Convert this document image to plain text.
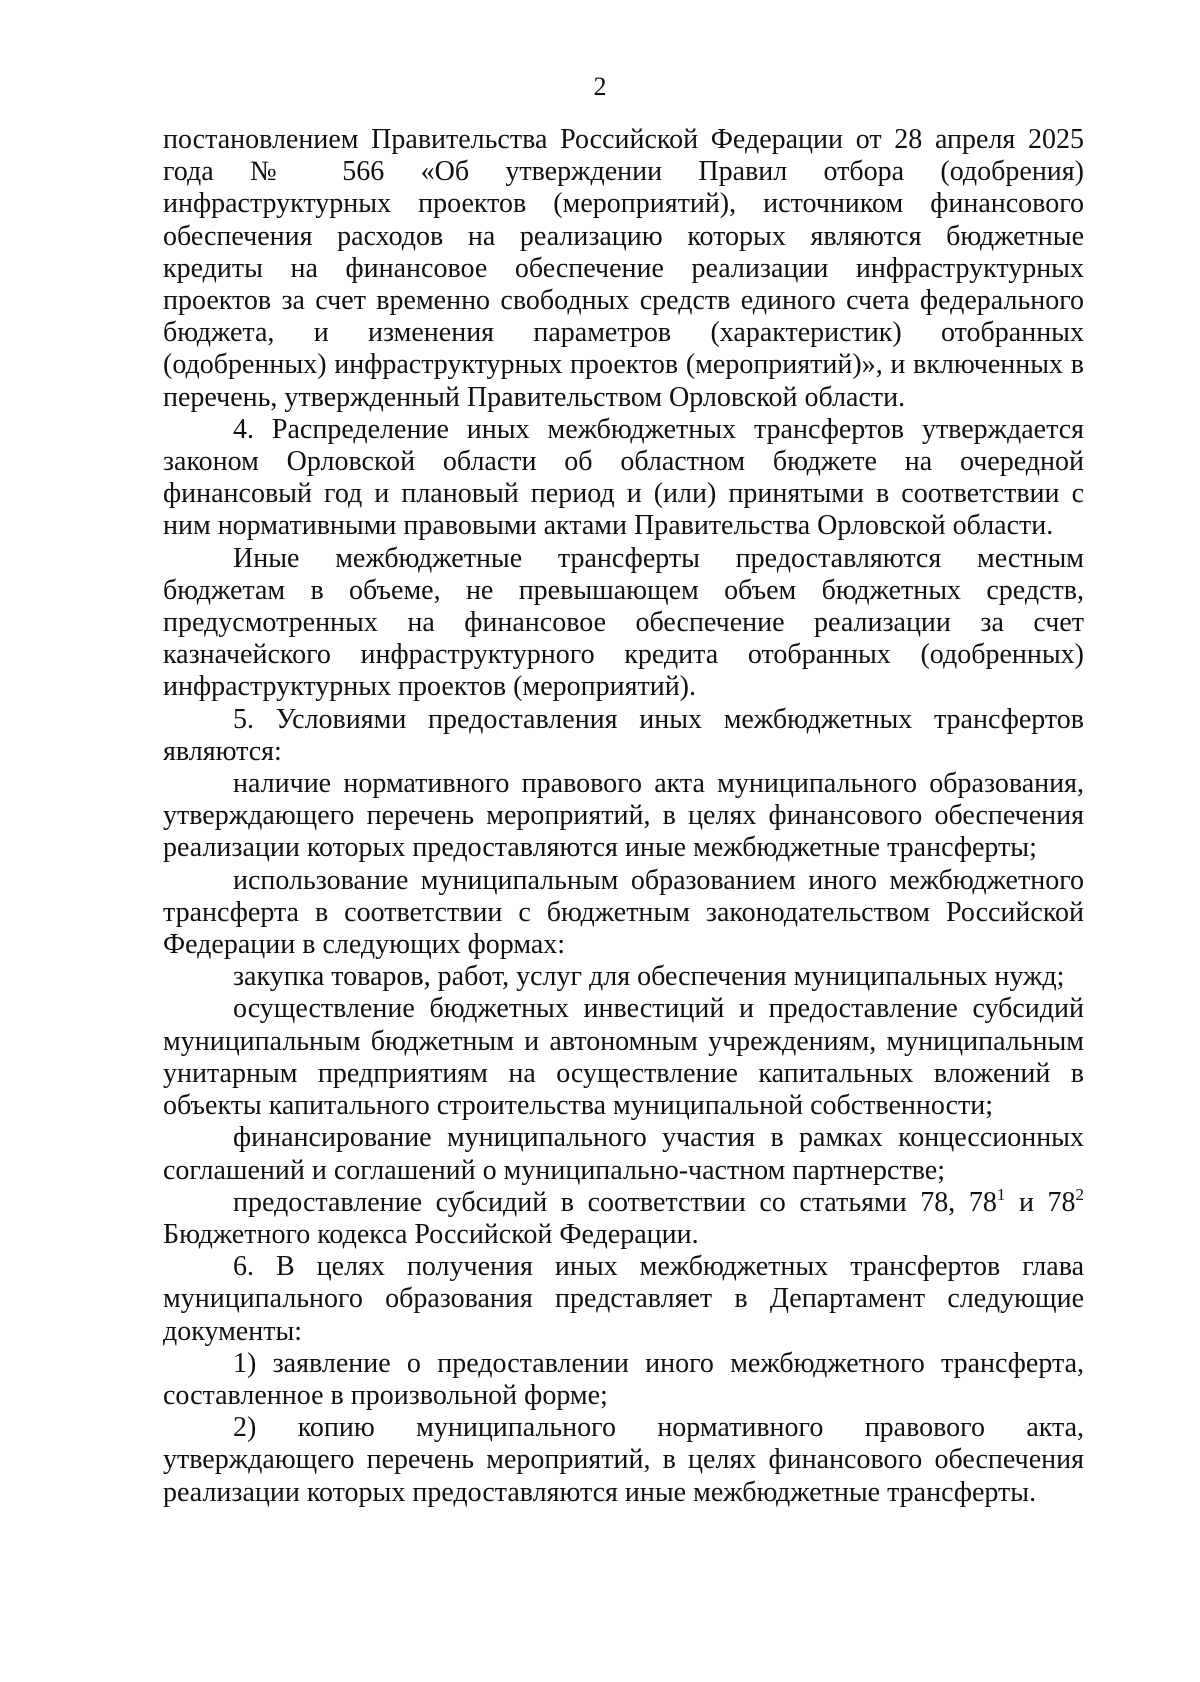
2

постановлением Правительства Российской Федерации от 28 апреля 2025 года № 566 «Об утверждении Правил отбора (одобрения) инфраструктурных проектов (мероприятий), источником финансового обеспечения расходов на реализацию которых являются бюджетные кредиты на финансовое обеспечение реализации инфраструктурных проектов за счет временно свободных средств единого счета федерального бюджета, и изменения параметров (характеристик) отобранных (одобренных) инфраструктурных проектов (мероприятий)», и включенных в перечень, утвержденный Правительством Орловской области.

4. Распределение иных межбюджетных трансфертов утверждается законом Орловской области об областном бюджете на очередной финансовый год и плановый период и (или) принятыми в соответствии с ним нормативными правовыми актами Правительства Орловской области.

Иные межбюджетные трансферты предоставляются местным бюджетам в объеме, не превышающем объем бюджетных средств, предусмотренных на финансовое обеспечение реализации за счет казначейского инфраструктурного кредита отобранных (одобренных) инфраструктурных проектов (мероприятий).

5. Условиями предоставления иных межбюджетных трансфертов являются:

наличие нормативного правового акта муниципального образования, утверждающего перечень мероприятий, в целях финансового обеспечения реализации которых предоставляются иные межбюджетные трансферты;

использование муниципальным образованием иного межбюджетного трансферта в соответствии с бюджетным законодательством Российской Федерации в следующих формах:

закупка товаров, работ, услуг для обеспечения муниципальных нужд;

осуществление бюджетных инвестиций и предоставление субсидий муниципальным бюджетным и автономным учреждениям, муниципальным унитарным предприятиям на осуществление капитальных вложений в объекты капитального строительства муниципальной собственности;

финансирование муниципального участия в рамках концессионных соглашений и соглашений о муниципально-частном партнерстве;

предоставление субсидий в соответствии со статьями 78, $78^1$ и $78^2$ Бюджетного кодекса Российской Федерации.

6. В целях получения иных межбюджетных трансфертов глава муниципального образования представляет в Департамент следующие документы:

1) заявление о предоставлении иного межбюджетного трансферта, составленное в произвольной форме;

2) копию муниципального нормативного правового акта, утверждающего перечень мероприятий, в целях финансового обеспечения реализации которых предоставляются иные межбюджетные трансферты.
